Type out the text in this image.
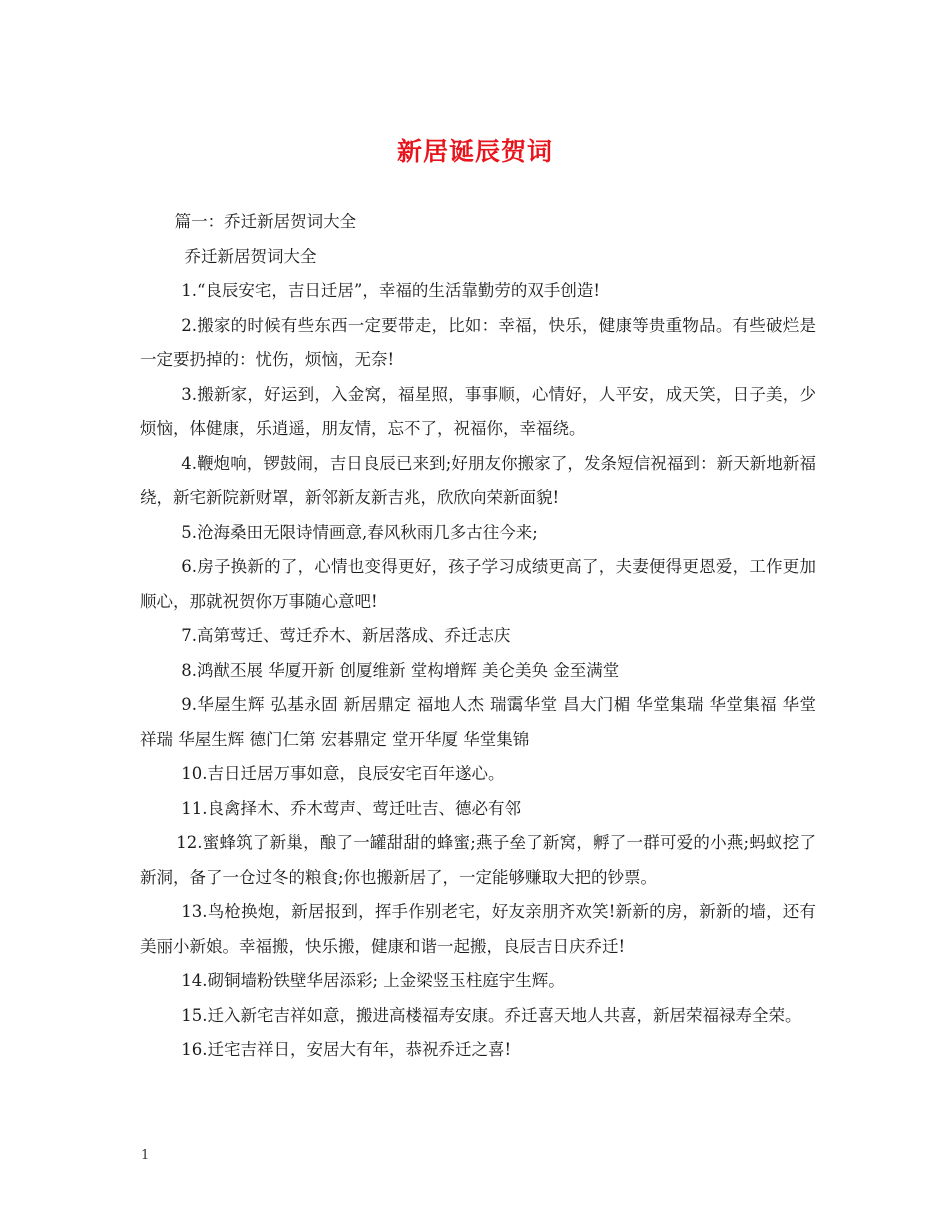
新居诞辰贺词

篇一：乔迁新居贺词大全

乔迁新居贺词大全

1.“良辰安宅，吉日迁居”，幸福的生活靠勤劳的双手创造!

2.搬家的时候有些东西一定要带走，比如：幸福，快乐，健康等贵重物品。有些破烂是一定要扔掉的：忧伤，烦恼，无奈!

3.搬新家，好运到，入金窝，福星照，事事顺，心情好，人平安，成天笑，日子美，少烦恼，体健康，乐逍遥，朋友情，忘不了，祝福你，幸福绕。

4.鞭炮响，锣鼓闹，吉日良辰已来到;好朋友你搬家了，发条短信祝福到：新天新地新福绕，新宅新院新财罩，新邻新友新吉兆，欣欣向荣新面貌!

5.沧海桑田无限诗情画意,春风秋雨几多古往今来;

6.房子换新的了，心情也变得更好，孩子学习成绩更高了，夫妻便得更恩爱，工作更加顺心，那就祝贺你万事随心意吧!

7.高第莺迁、莺迁乔木、新居落成、乔迁志庆

8.鸿猷丕展 华厦开新 创厦维新 堂构增辉 美仑美奂 金至满堂

9.华屋生辉 弘基永固 新居鼎定 福地人杰 瑞霭华堂 昌大门楣 华堂集瑞 华堂集福 华堂祥瑞 华屋生辉 德门仁第 宏碁鼎定 堂开华厦 华堂集锦

10.吉日迁居万事如意，良辰安宅百年遂心。

11.良禽择木、乔木莺声、莺迁吐吉、德必有邻

12.蜜蜂筑了新巢，酿了一罐甜甜的蜂蜜;燕子垒了新窝，孵了一群可爱的小燕;蚂蚁挖了新洞，备了一仓过冬的粮食;你也搬新居了，一定能够赚取大把的钞票。

13.鸟枪换炮，新居报到，挥手作别老宅，好友亲朋齐欢笑!新新的房，新新的墙，还有美丽小新娘。幸福搬，快乐搬，健康和谐一起搬，良辰吉日庆乔迁!

14.砌铜墙粉铁壁华居添彩; 上金梁竖玉柱庭宇生辉。

15.迁入新宅吉祥如意，搬进高楼福寿安康。乔迁喜天地人共喜，新居荣福禄寿全荣。

16.迁宅吉祥日，安居大有年，恭祝乔迁之喜!

1
